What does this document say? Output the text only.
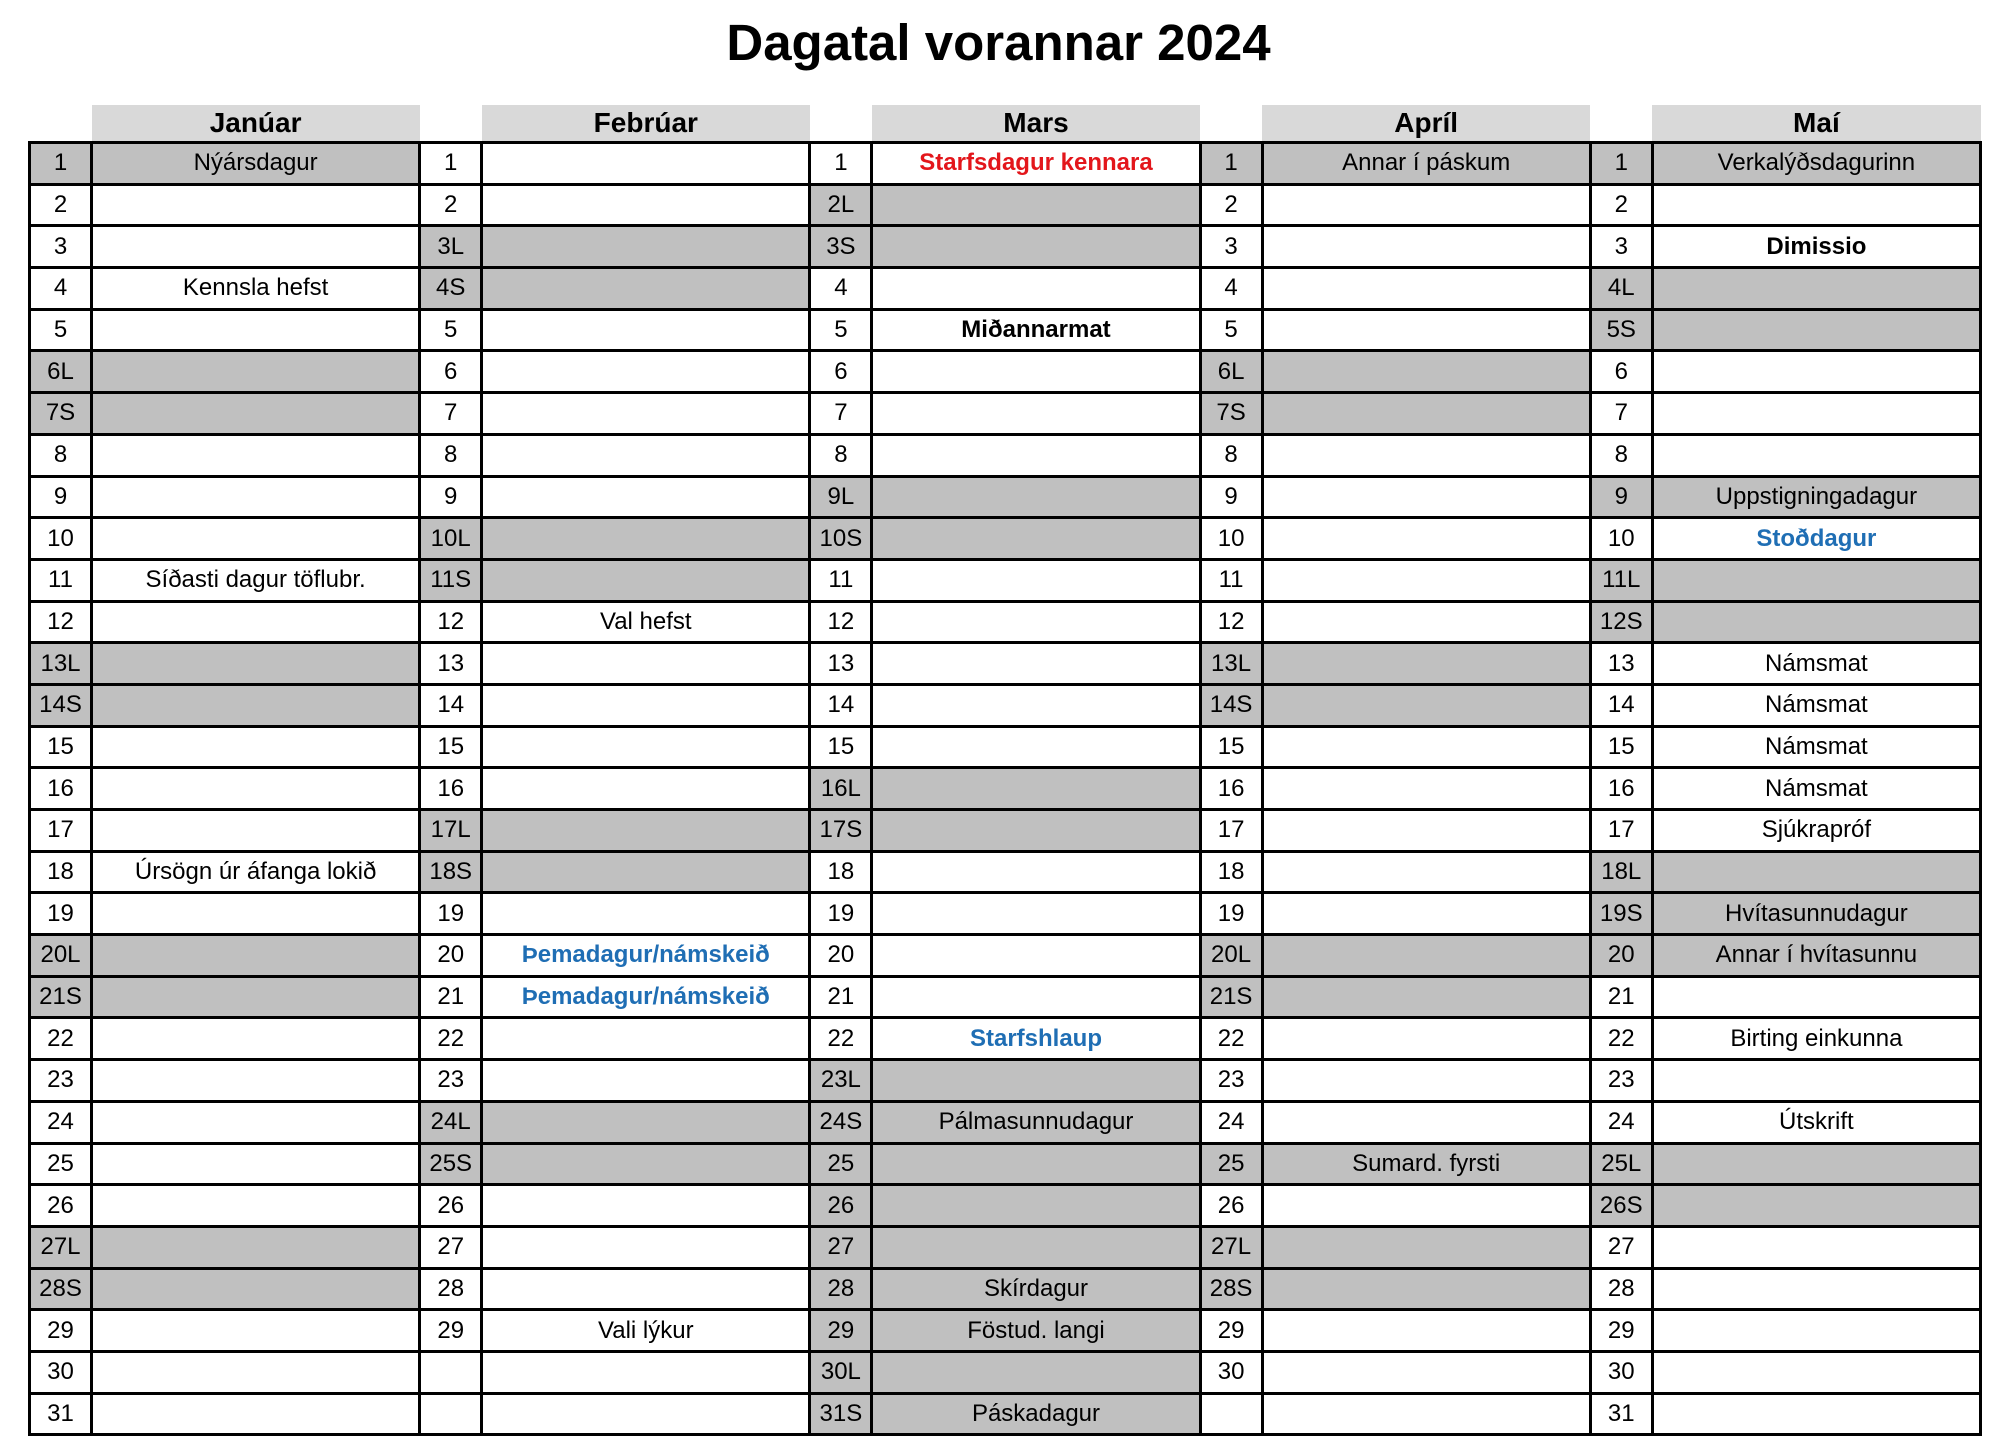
Dagatal vorannar 2024
	Janúar		Febrúar		Mars		Apríl		Maí
1	Nýársdagur	1		1	Starfsdagur kennara	1	Annar í páskum	1	Verkalýðsdagurinn
2		2		2L		2		2	
3		3L		3S		3		3	Dimissio
4	Kennsla hefst	4S		4		4		4L	
5		5		5	Miðannarmat	5		5S	
6L		6		6		6L		6	
7S		7		7		7S		7	
8		8		8		8		8	
9		9		9L		9		9	Uppstigningadagur
10		10L		10S		10		10	Stoðdagur
11	Síðasti dagur töflubr.	11S		11		11		11L	
12		12	Val hefst	12		12		12S	
13L		13		13		13L		13	Námsmat
14S		14		14		14S		14	Námsmat
15		15		15		15		15	Námsmat
16		16		16L		16		16	Námsmat
17		17L		17S		17		17	Sjúkrapróf
18	Úrsögn úr áfanga lokið	18S		18		18		18L	
19		19		19		19		19S	Hvítasunnudagur
20L		20	Þemadagur/námskeið	20		20L		20	Annar í hvítasunnu
21S		21	Þemadagur/námskeið	21		21S		21	
22		22		22	Starfshlaup	22		22	Birting einkunna
23		23		23L		23		23	
24		24L		24S	Pálmasunnudagur	24		24	Útskrift
25		25S		25		25	Sumard. fyrsti	25L	
26		26		26		26		26S	
27L		27		27		27L		27	
28S		28		28	Skírdagur	28S		28	
29		29	Vali lýkur	29	Föstud. langi	29		29	
30				30L		30		30	
31				31S	Páskadagur			31	
